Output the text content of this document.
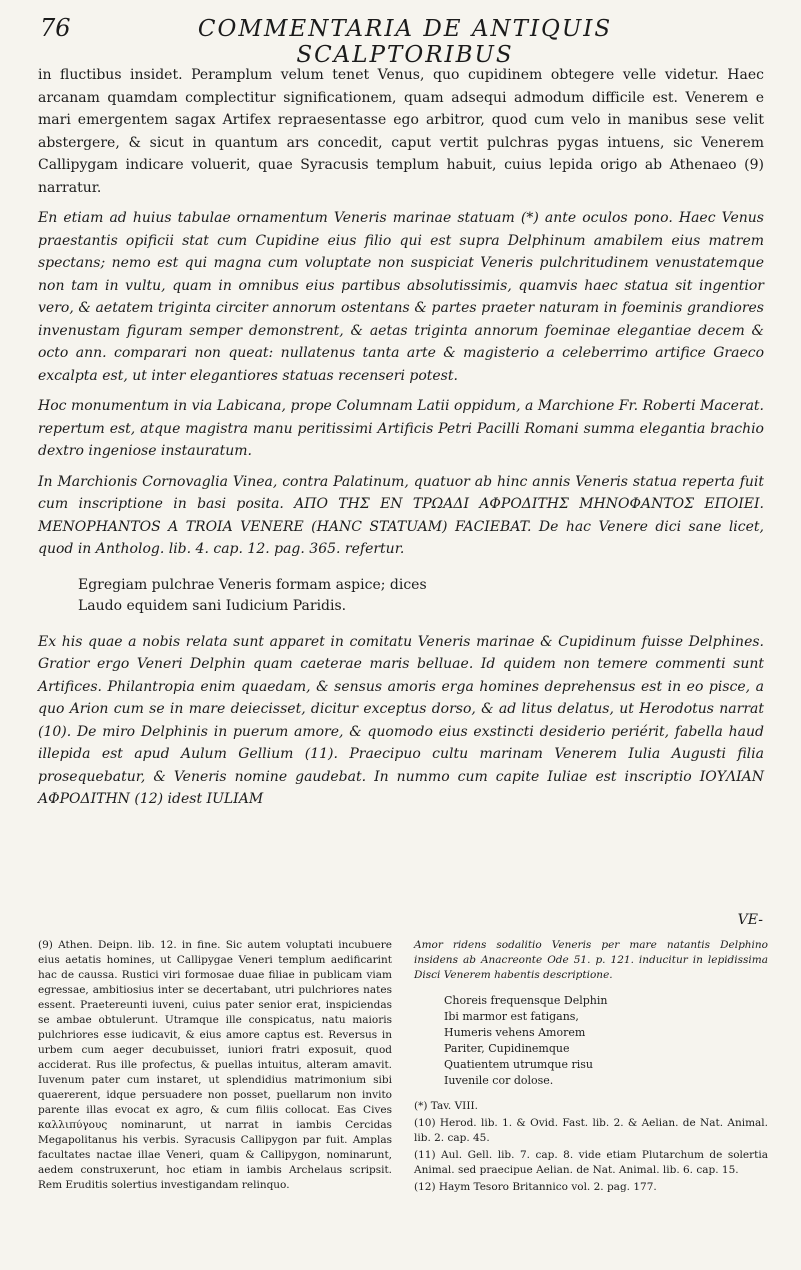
76	COMMENTARIA DE ANTIQUIS SCALPTORIBUS

in fluctibus insidet. Peramplum velum tenet Venus, quo cupidinem obtegere velle videtur. Haec arcanam quamdam complectitur significationem, quam adsequi admodum difficile est. Venerem e mari emergentem sagax Artifex repraesentasse ego arbitror, quod cum velo in manibus sese velit abstergere, & sicut in quantum ars concedit, caput vertit pulchras pygas intuens, sic Venerem Callipygam indicare voluerit, quae Syracusis templum habuit, cuius lepida origo ab Athenaeo (9) narratur.

En etiam ad huius tabulae ornamentum Veneris marinae statuam (*) ante oculos pono. Haec Venus praestantis opificii stat cum Cupidine eius filio qui est supra Delphinum amabilem eius matrem spectans; nemo est qui magna cum voluptate non suspiciat Veneris pulchritudinem venustatemque non tam in vultu, quam in omnibus eius partibus absolutissimis, quamvis haec statua sit ingentior vero, & aetatem triginta circiter annorum ostentans & partes praeter naturam in foeminis grandiores invenustam figuram semper demonstrent, & aetas triginta annorum foeminae elegantiae decem & octo ann. comparari non queat: nullatenus tanta arte & magisterio a celeberrimo artifice Graeco excalpta est, ut inter elegantiores statuas recenseri potest.

Hoc monumentum in via Labicana, prope Columnam Latii oppidum, a Marchione Fr. Roberti Macerat. repertum est, atque magistra manu peritissimi Artificis Petri Pacilli Romani summa elegantia brachio dextro ingeniose instauratum.

In Marchionis Cornovaglia Vinea, contra Palatinum, quatuor ab hinc annis Veneris statua reperta fuit cum inscriptione in basi posita. ΑΠΟ ΤΗΣ ΕΝ ΤΡΩΑΔΙ ΑΦΡΟΔΙΤΗΣ ΜΗΝΟΦΑΝΤΟΣ ΕΠΟΙΕΙ. MENOPHANTOS A TROIA VENERE (HANC STATUAM) FACIEBAT. De hac Venere dici sane licet, quod in Antholog. lib. 4. cap. 12. pag. 365. refertur.

Egregiam pulchrae Veneris formam aspice; dices
Laudo equidem sani Iudicium Paridis.

Ex his quae a nobis relata sunt apparet in comitatu Veneris marinae & Cupidinum fuisse Delphines. Gratior ergo Veneri Delphin quam caeterae maris belluae. Id quidem non temere commenti sunt Artifices. Philantropia enim quaedam, & sensus amoris erga homines deprehensus est in eo pisce, a quo Arion cum se in mare deiecisset, dicitur exceptus dorso, & ad litus delatus, ut Herodotus narrat (10). De miro Delphinis in puerum amore, & quomodo eius exstincti desiderio periérit, fabella haud illepida est apud Aulum Gellium (11). Praecipuo cultu marinam Venerem Iulia Augusti filia prosequebatur, & Veneris nomine gaudebat. In nummo cum capite Iuliae est inscriptio ΙΟΥΛΙΑΝ ΑΦΡΟΔΙΤΗΝ (12) idest IULIAM

VE-

(9) Athen. Deipn. lib. 12. in fine. Sic autem voluptati incubuere eius aetatis homines, ut Callipygae Veneri templum aedificarint hac de caussa. Rustici viri formosae duae filiae in publicam viam egressae, ambitiosius inter se decertabant, utri pulchriores nates essent. Praetereunti iuveni, cuius pater senior erat, inspiciendas se ambae obtulerunt. Utramque ille conspicatus, natu maioris pulchriores esse iudicavit, & eius amore captus est. Reversus in urbem cum aeger decubuisset, iuniori fratri exposuit, quod acciderat. Rus ille profectus, & puellas intuitus, alteram amavit. Iuvenum pater cum instaret, ut splendidius matrimonium sibi quaererent, idque persuadere non posset, puellarum non invito parente illas evocat ex agro, & cum filiis collocat. Eas Cives καλλιπύγους nominarunt, ut narrat in iambis Cercidas Megapolitanus his verbis. Syracusis Callipygon par fuit. Amplas facultates nactae illae Veneri, quam & Callipygon, nominarunt, aedem construxerunt, hoc etiam in iambis Archelaus scripsit. Rem Eruditis solertius investigandam relinquo.

Amor ridens sodalitio Veneris per mare natantis Delphino insidens ab Anacreonte Ode 51. p. 121. inducitur in lepidissima Disci Venerem habentis descriptione.

Choreis frequensque Delphin
Ibi marmor est fatigans,
Humeris vehens Amorem
Pariter, Cupidinemque
Quatientem utrumque risu
Iuvenile cor dolose.

(*) Tav. VIII.

(10) Herod. lib. 1. & Ovid. Fast. lib. 2. & Aelian. de Nat. Animal. lib. 2. cap. 45.

(11) Aul. Gell. lib. 7. cap. 8. vide etiam Plutarchum de solertia Animal. sed praecipue Aelian. de Nat. Animal. lib. 6. cap. 15.

(12) Haym Tesoro Britannico vol. 2. pag. 177.
